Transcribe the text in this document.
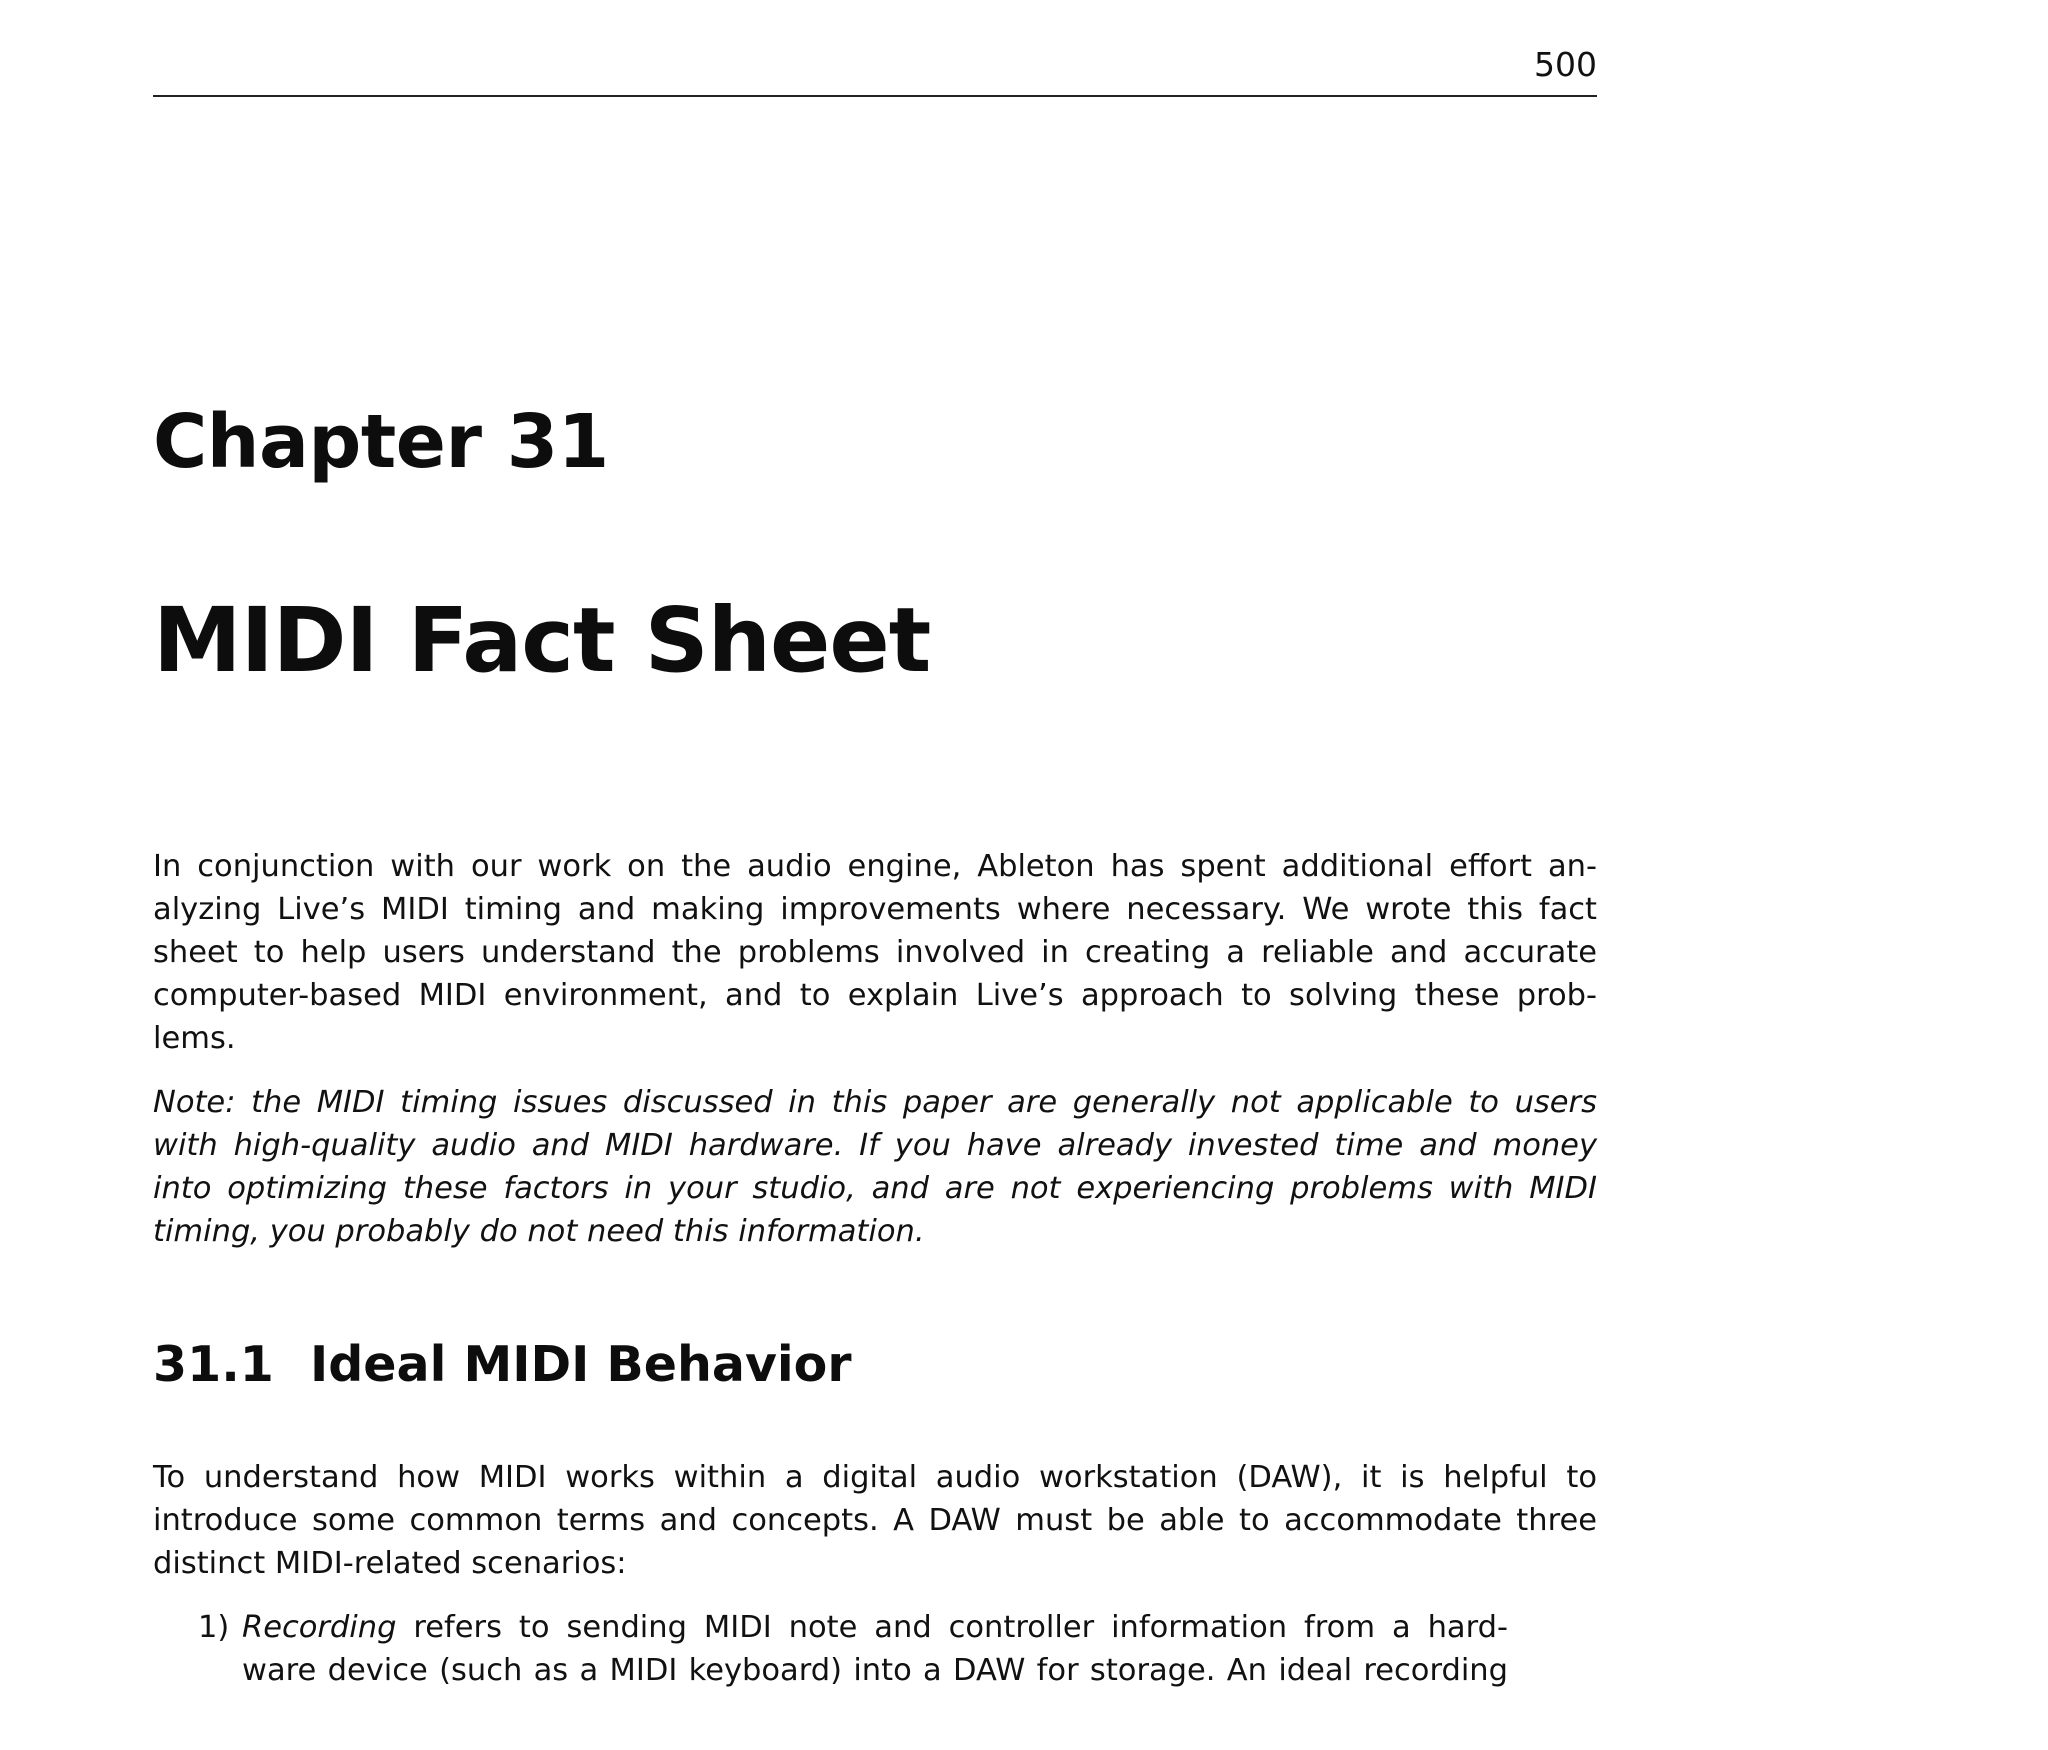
500
Chapter 31
MIDI Fact Sheet
In conjunction with our work on the audio engine, Ableton has spent additional effort an-
alyzing Live’s MIDI timing and making improvements where necessary. We wrote this fact
sheet to help users understand the problems involved in creating a reliable and accurate
computer-based MIDI environment, and to explain Live’s approach to solving these prob-
lems.
Note: the MIDI timing issues discussed in this paper are generally not applicable to users
with high-quality audio and MIDI hardware. If you have already invested time and money
into optimizing these factors in your studio, and are not experiencing problems with MIDI
timing, you probably do not need this information.
31.1 Ideal MIDI Behavior
To understand how MIDI works within a digital audio workstation (DAW), it is helpful to
introduce some common terms and concepts. A DAW must be able to accommodate three
distinct MIDI-related scenarios:
1) Recording refers to sending MIDI note and controller information from a hard-
ware device (such as a MIDI keyboard) into a DAW for storage. An ideal recording
